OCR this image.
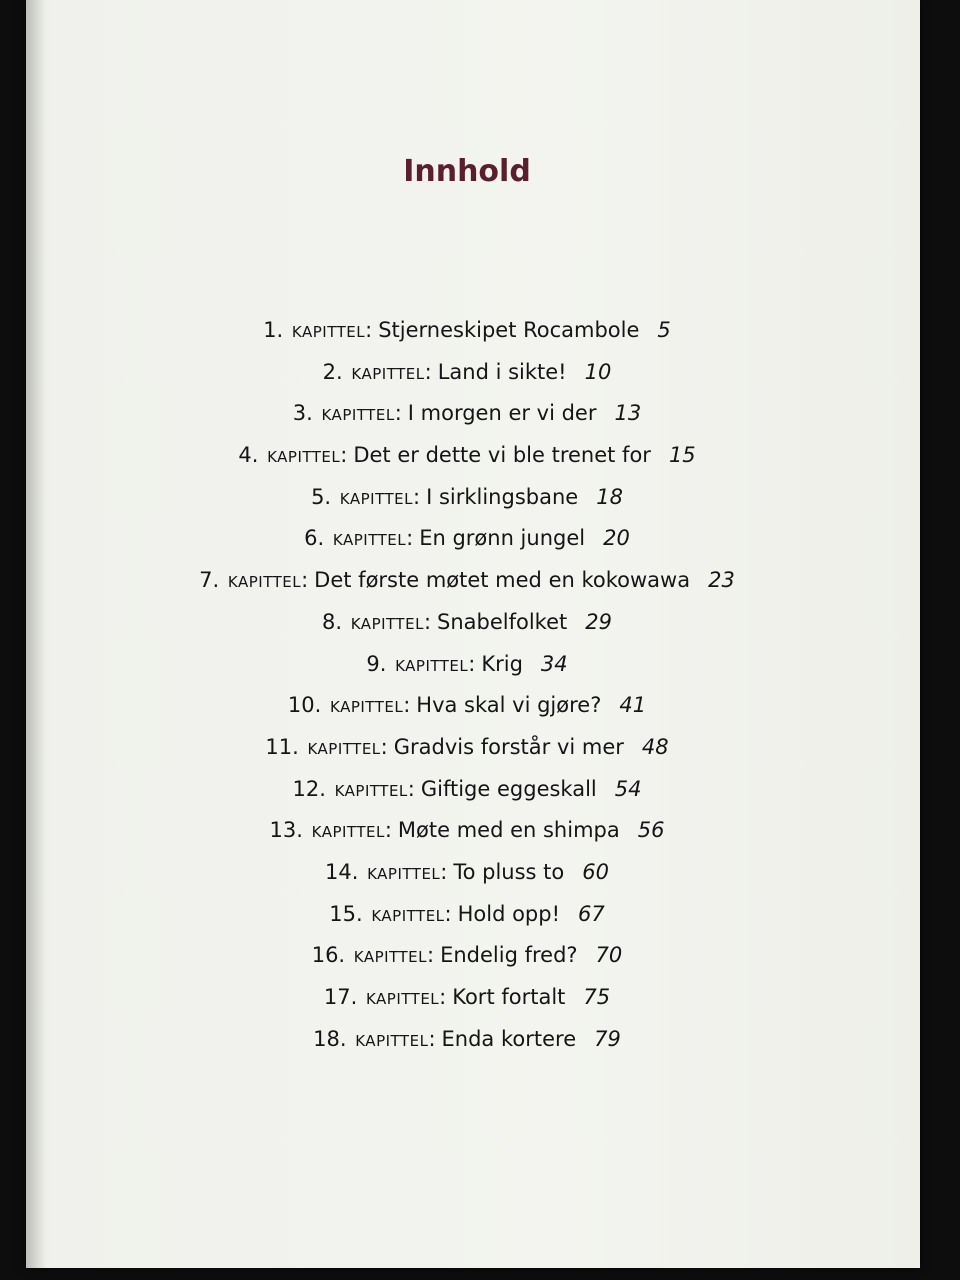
Innhold
1. KAPITTEL: Stjerneskipet Rocambole 5
2. KAPITTEL: Land i sikte! 10
3. KAPITTEL: I morgen er vi der 13
4. KAPITTEL: Det er dette vi ble trenet for 15
5. KAPITTEL: I sirklingsbane 18
6. KAPITTEL: En grønn jungel 20
7. KAPITTEL: Det første møtet med en kokowawa 23
8. KAPITTEL: Snabelfolket 29
9. KAPITTEL: Krig 34
10. KAPITTEL: Hva skal vi gjøre? 41
11. KAPITTEL: Gradvis forstår vi mer 48
12. KAPITTEL: Giftige eggeskall 54
13. KAPITTEL: Møte med en shimpa 56
14. KAPITTEL: To pluss to 60
15. KAPITTEL: Hold opp! 67
16. KAPITTEL: Endelig fred? 70
17. KAPITTEL: Kort fortalt 75
18. KAPITTEL: Enda kortere 79
